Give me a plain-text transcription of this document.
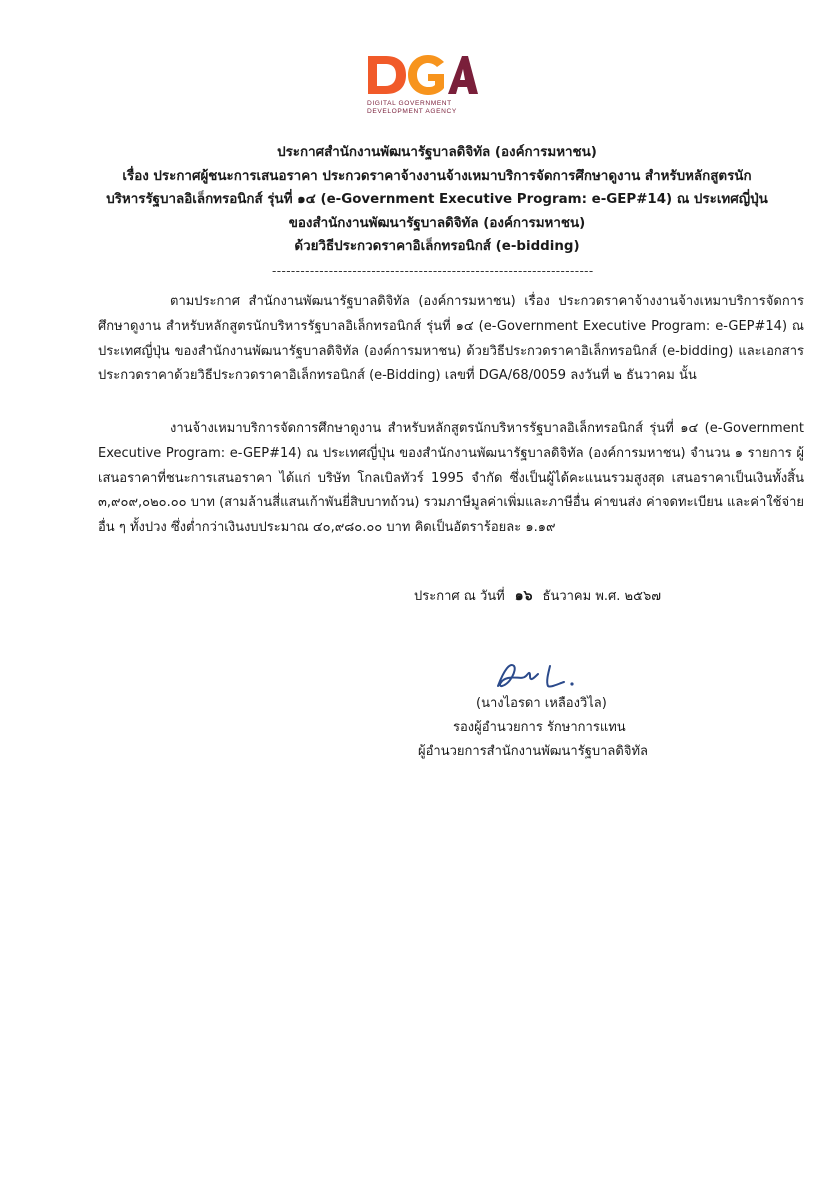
DIGITAL GOVERNMENT
DEVELOPMENT AGENCY
ประกาศสำนักงานพัฒนารัฐบาลดิจิทัล (องค์การมหาชน)
เรื่อง ประกาศผู้ชนะการเสนอราคา ประกวดราคาจ้างงานจ้างเหมาบริการจัดการศึกษาดูงาน สำหรับหลักสูตรนัก
บริหารรัฐบาลอิเล็กทรอนิกส์ รุ่นที่ ๑๔ (e-Government Executive Program: e-GEP#14) ณ ประเทศญี่ปุ่น
ของสำนักงานพัฒนารัฐบาลดิจิทัล (องค์การมหาชน)
ด้วยวิธีประกวดราคาอิเล็กทรอนิกส์ (e-bidding)
--------------------------------------------------------------------
ตามประกาศ สำนักงานพัฒนารัฐบาลดิจิทัล (องค์การมหาชน) เรื่อง ประกวดราคาจ้างงานจ้างเหมาบริการจัดการศึกษาดูงาน สำหรับหลักสูตรนักบริหารรัฐบาลอิเล็กทรอนิกส์ รุ่นที่ ๑๔ (e-Government Executive Program: e-GEP#14) ณ ประเทศญี่ปุ่น ของสำนักงานพัฒนารัฐบาลดิจิทัล (องค์การมหาชน) ด้วยวิธีประกวดราคาอิเล็กทรอนิกส์ (e-bidding) และเอกสารประกวดราคาด้วยวิธีประกวดราคาอิเล็กทรอนิกส์ (e-Bidding) เลขที่ DGA/68/0059 ลงวันที่ ๒ ธันวาคม นั้น
งานจ้างเหมาบริการจัดการศึกษาดูงาน สำหรับหลักสูตรนักบริหารรัฐบาลอิเล็กทรอนิกส์ รุ่นที่ ๑๔ (e-Government Executive Program: e-GEP#14) ณ ประเทศญี่ปุ่น ของสำนักงานพัฒนารัฐบาลดิจิทัล (องค์การมหาชน) จำนวน ๑ รายการ ผู้เสนอราคาที่ชนะการเสนอราคา ได้แก่ บริษัท โกลเบิลทัวร์ 1995 จำกัด ซึ่งเป็นผู้ได้คะแนนรวมสูงสุด เสนอราคาเป็นเงินทั้งสิ้น ๓,๙๐๙,๐๒๐.๐๐ บาท (สามล้านสี่แสนเก้าพันยี่สิบบาทถ้วน) รวมภาษีมูลค่าเพิ่มและภาษีอื่น ค่าขนส่ง ค่าจดทะเบียน และค่าใช้จ่ายอื่น ๆ ทั้งปวง ซึ่งต่ำกว่าเงินงบประมาณ ๔๐,๙๘๐.๐๐ บาท คิดเป็นอัตราร้อยละ ๑.๑๙
ประกาศ ณ วันที่ ๑๖ ธันวาคม พ.ศ. ๒๕๖๗
(นางไอรดา เหลืองวิไล)
รองผู้อำนวยการ รักษาการแทน
ผู้อำนวยการสำนักงานพัฒนารัฐบาลดิจิทัล
